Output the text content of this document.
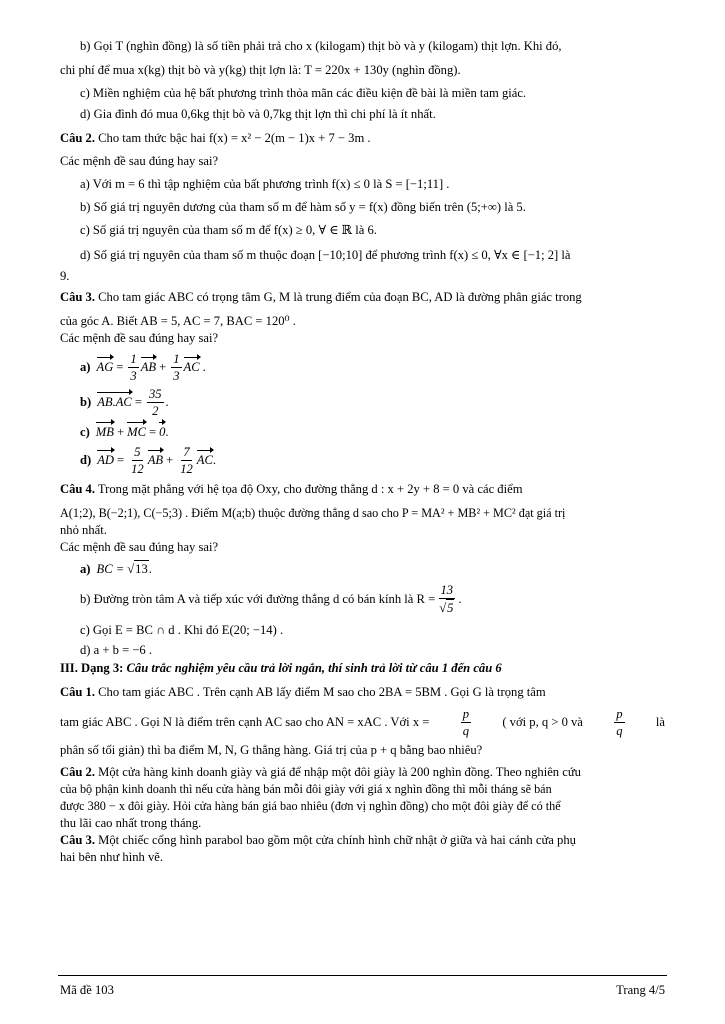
b) Gọi T (nghìn đồng) là số tiền phải trả cho x (kilogam) thịt bò và y (kilogam) thịt lợn. Khi đó,

chi phí để mua x(kg) thịt bò và y(kg) thịt lợn là: T = 220x + 130y (nghìn đồng).

c) Miền nghiệm của hệ bất phương trình thỏa mãn các điều kiện đề bài là miền tam giác.

d) Gia đình đó mua 0,6kg thịt bò và 0,7kg thịt lợn thì chi phí là ít nhất.

Câu 2. Cho tam thức bậc hai f(x) = x² − 2(m − 1)x + 7 − 3m .

Các mệnh đề sau đúng hay sai?

a) Với m = 6 thì tập nghiệm của bất phương trình f(x) ≤ 0 là S = [−1;11] .

b) Số giá trị nguyên dương của tham số m để hàm số y = f(x) đồng biến trên (5;+∞) là 5.

c) Số giá trị nguyên của tham số m để f(x) ≥ 0, ∀ ∈ ℝ là 6.

d) Số giá trị nguyên của tham số m thuộc đoạn [−10;10] để phương trình f(x) ≤ 0, ∀x ∈ [−1; 2] là

9.

Câu 3. Cho tam giác ABC có trọng tâm G, M là trung điểm của đoạn BC, AD là đường phân giác trong

của góc A. Biết AB = 5, AC = 7, BAC = 120⁰ .

Các mệnh đề sau đúng hay sai?

a) AG = $\frac{1}{3}$ AB + $\frac{1}{3}$ AC .
b) $AB.AC = \frac{35}{2}$ .
c) MB + MC = 0 .
d) AD = $\frac{5}{12}$ AB + $\frac{7}{12}$ AC .

Câu 4. Trong mặt phẳng với hệ tọa độ Oxy, cho đường thẳng d : x + 2y + 8 = 0 và các điểm

A(1;2), B(−2;1), C(−5;3) . Điểm M(a;b) thuộc đường thẳng d sao cho P = MA² + MB² + MC² đạt giá trị

nhỏ nhất.

Các mệnh đề sau đúng hay sai?

a) BC = √ 13 .
b) Đường tròn tâm A và tiếp xúc với đường thẳng d có bán kính là $R = \frac{13}{√5}$ .

c) Gọi E = BC ∩ d . Khi đó E(20; −14) .

d) a + b = −6 .

III. Dạng 3: Câu trắc nghiệm yêu cầu trả lời ngắn, thí sinh trả lời từ câu 1 đến câu 6

Câu 1. Cho tam giác ABC . Trên cạnh AB lấy điểm M sao cho 2BA = 5BM . Gọi G là trọng tâm

tam giác ABC . Gọi N là điểm trên cạnh AC sao cho AN = xAC . Với $x = \frac{p}{q}$ ( với p, q > 0 và $\frac{p}{q}$ là

phân số tối giản) thì ba điểm M, N, G thẳng hàng. Giá trị của p + q bằng bao nhiêu?

Câu 2. Một cửa hàng kinh doanh giày và giá để nhập một đôi giày là 200 nghìn đồng. Theo nghiên cứu

của bộ phận kinh doanh thì nếu cửa hàng bán mỗi đôi giày với giá x nghìn đồng thì mỗi tháng sẽ bán

được 380 − x đôi giày. Hỏi cửa hàng bán giá bao nhiêu (đơn vị nghìn đồng) cho một đôi giày để có thể

thu lãi cao nhất trong tháng.

Câu 3. Một chiếc cổng hình parabol bao gồm một cửa chính hình chữ nhật ở giữa và hai cánh cửa phụ

hai bên như hình vẽ.

Mã đề 103	Trang 4/5
